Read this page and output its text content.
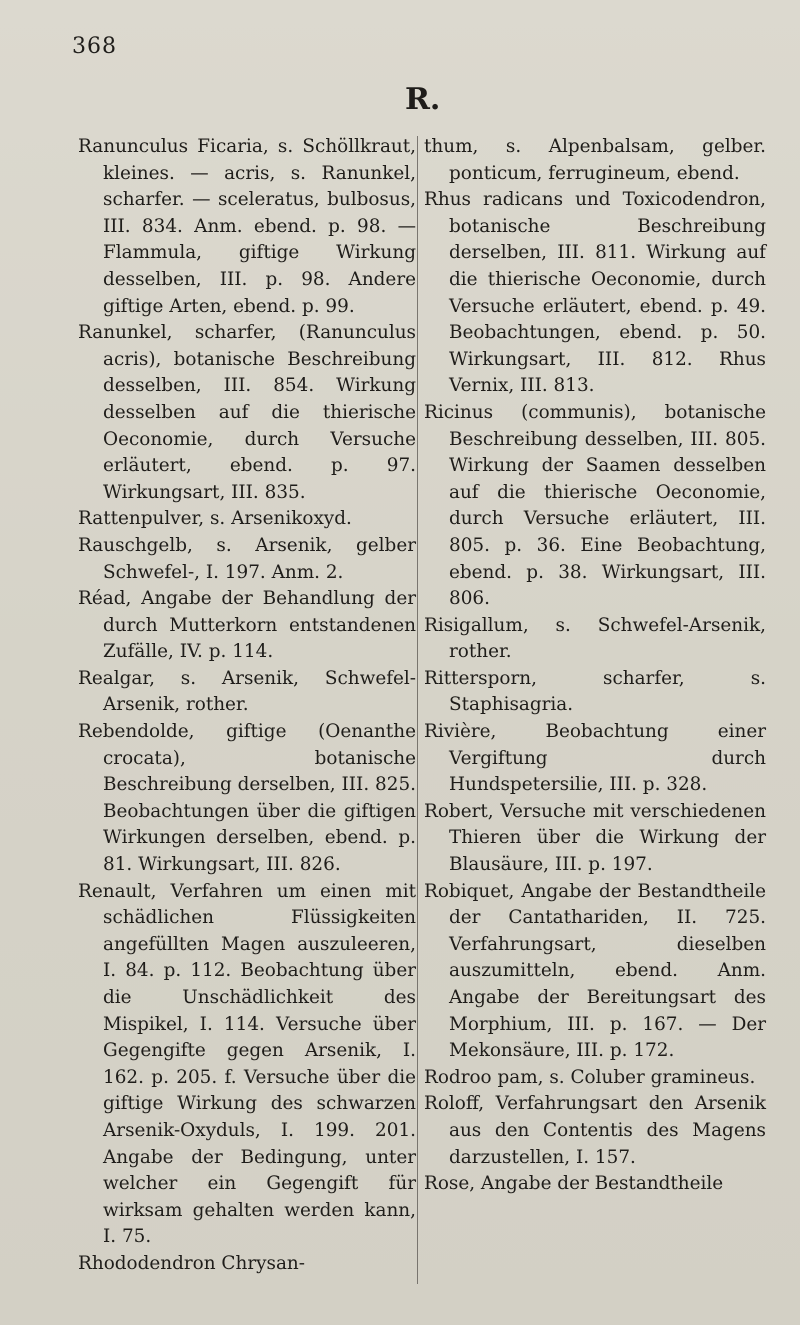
368
R.

Ranunculus Ficaria, s. Schöllkraut, kleines. — acris, s. Ranunkel, scharfer. — sceleratus, bulbosus, III. 834. Anm. ebend. p. 98. — Flammula, giftige Wirkung desselben, III. p. 98. Andere giftige Arten, ebend. p. 99.

Ranunkel, scharfer, (Ranunculus acris), botanische Beschreibung desselben, III. 854. Wirkung desselben auf die thierische Oeconomie, durch Versuche erläutert, ebend. p. 97. Wirkungsart, III. 835.

Rattenpulver, s. Arsenikoxyd.

Rauschgelb, s. Arsenik, gelber Schwefel-, I. 197. Anm. 2.

Réad, Angabe der Behandlung der durch Mutterkorn entstandenen Zufälle, IV. p. 114.

Realgar, s. Arsenik, Schwefel-Arsenik, rother.

Rebendolde, giftige (Oenanthe crocata), botanische Beschreibung derselben, III. 825. Beobachtungen über die giftigen Wirkungen derselben, ebend. p. 81. Wirkungsart, III. 826.

Renault, Verfahren um einen mit schädlichen Flüssigkeiten angefüllten Magen auszuleeren, I. 84. p. 112. Beobachtung über die Unschädlichkeit des Mispikel, I. 114. Versuche über Gegengifte gegen Arsenik, I. 162. p. 205. f. Versuche über die giftige Wirkung des schwarzen Arsenik-Oxyduls, I. 199. 201. Angabe der Bedingung, unter welcher ein Gegengift für wirksam gehalten werden kann, I. 75.

Rhododendron Chrysan-

thum, s. Alpenbalsam, gelber. ponticum, ferrugineum, ebend.

Rhus radicans und Toxicodendron, botanische Beschreibung derselben, III. 811. Wirkung auf die thierische Oeconomie, durch Versuche erläutert, ebend. p. 49. Beobachtungen, ebend. p. 50. Wirkungsart, III. 812. Rhus Vernix, III. 813.

Ricinus (communis), botanische Beschreibung desselben, III. 805. Wirkung der Saamen desselben auf die thierische Oeconomie, durch Versuche erläutert, III. 805. p. 36. Eine Beobachtung, ebend. p. 38. Wirkungsart, III. 806.

Risigallum, s. Schwefel-Arsenik, rother.

Rittersporn, scharfer, s. Staphisagria.

Rivière, Beobachtung einer Vergiftung durch Hundspetersilie, III. p. 328.

Robert, Versuche mit verschiedenen Thieren über die Wirkung der Blausäure, III. p. 197.

Robiquet, Angabe der Bestandtheile der Cantathariden, II. 725. Verfahrungsart, dieselben auszumitteln, ebend. Anm. Angabe der Bereitungsart des Morphium, III. p. 167. — Der Mekonsäure, III. p. 172.

Rodroo pam, s. Coluber gramineus.

Roloff, Verfahrungsart den Arsenik aus den Contentis des Magens darzustellen, I. 157.

Rose, Angabe der Bestandtheile
